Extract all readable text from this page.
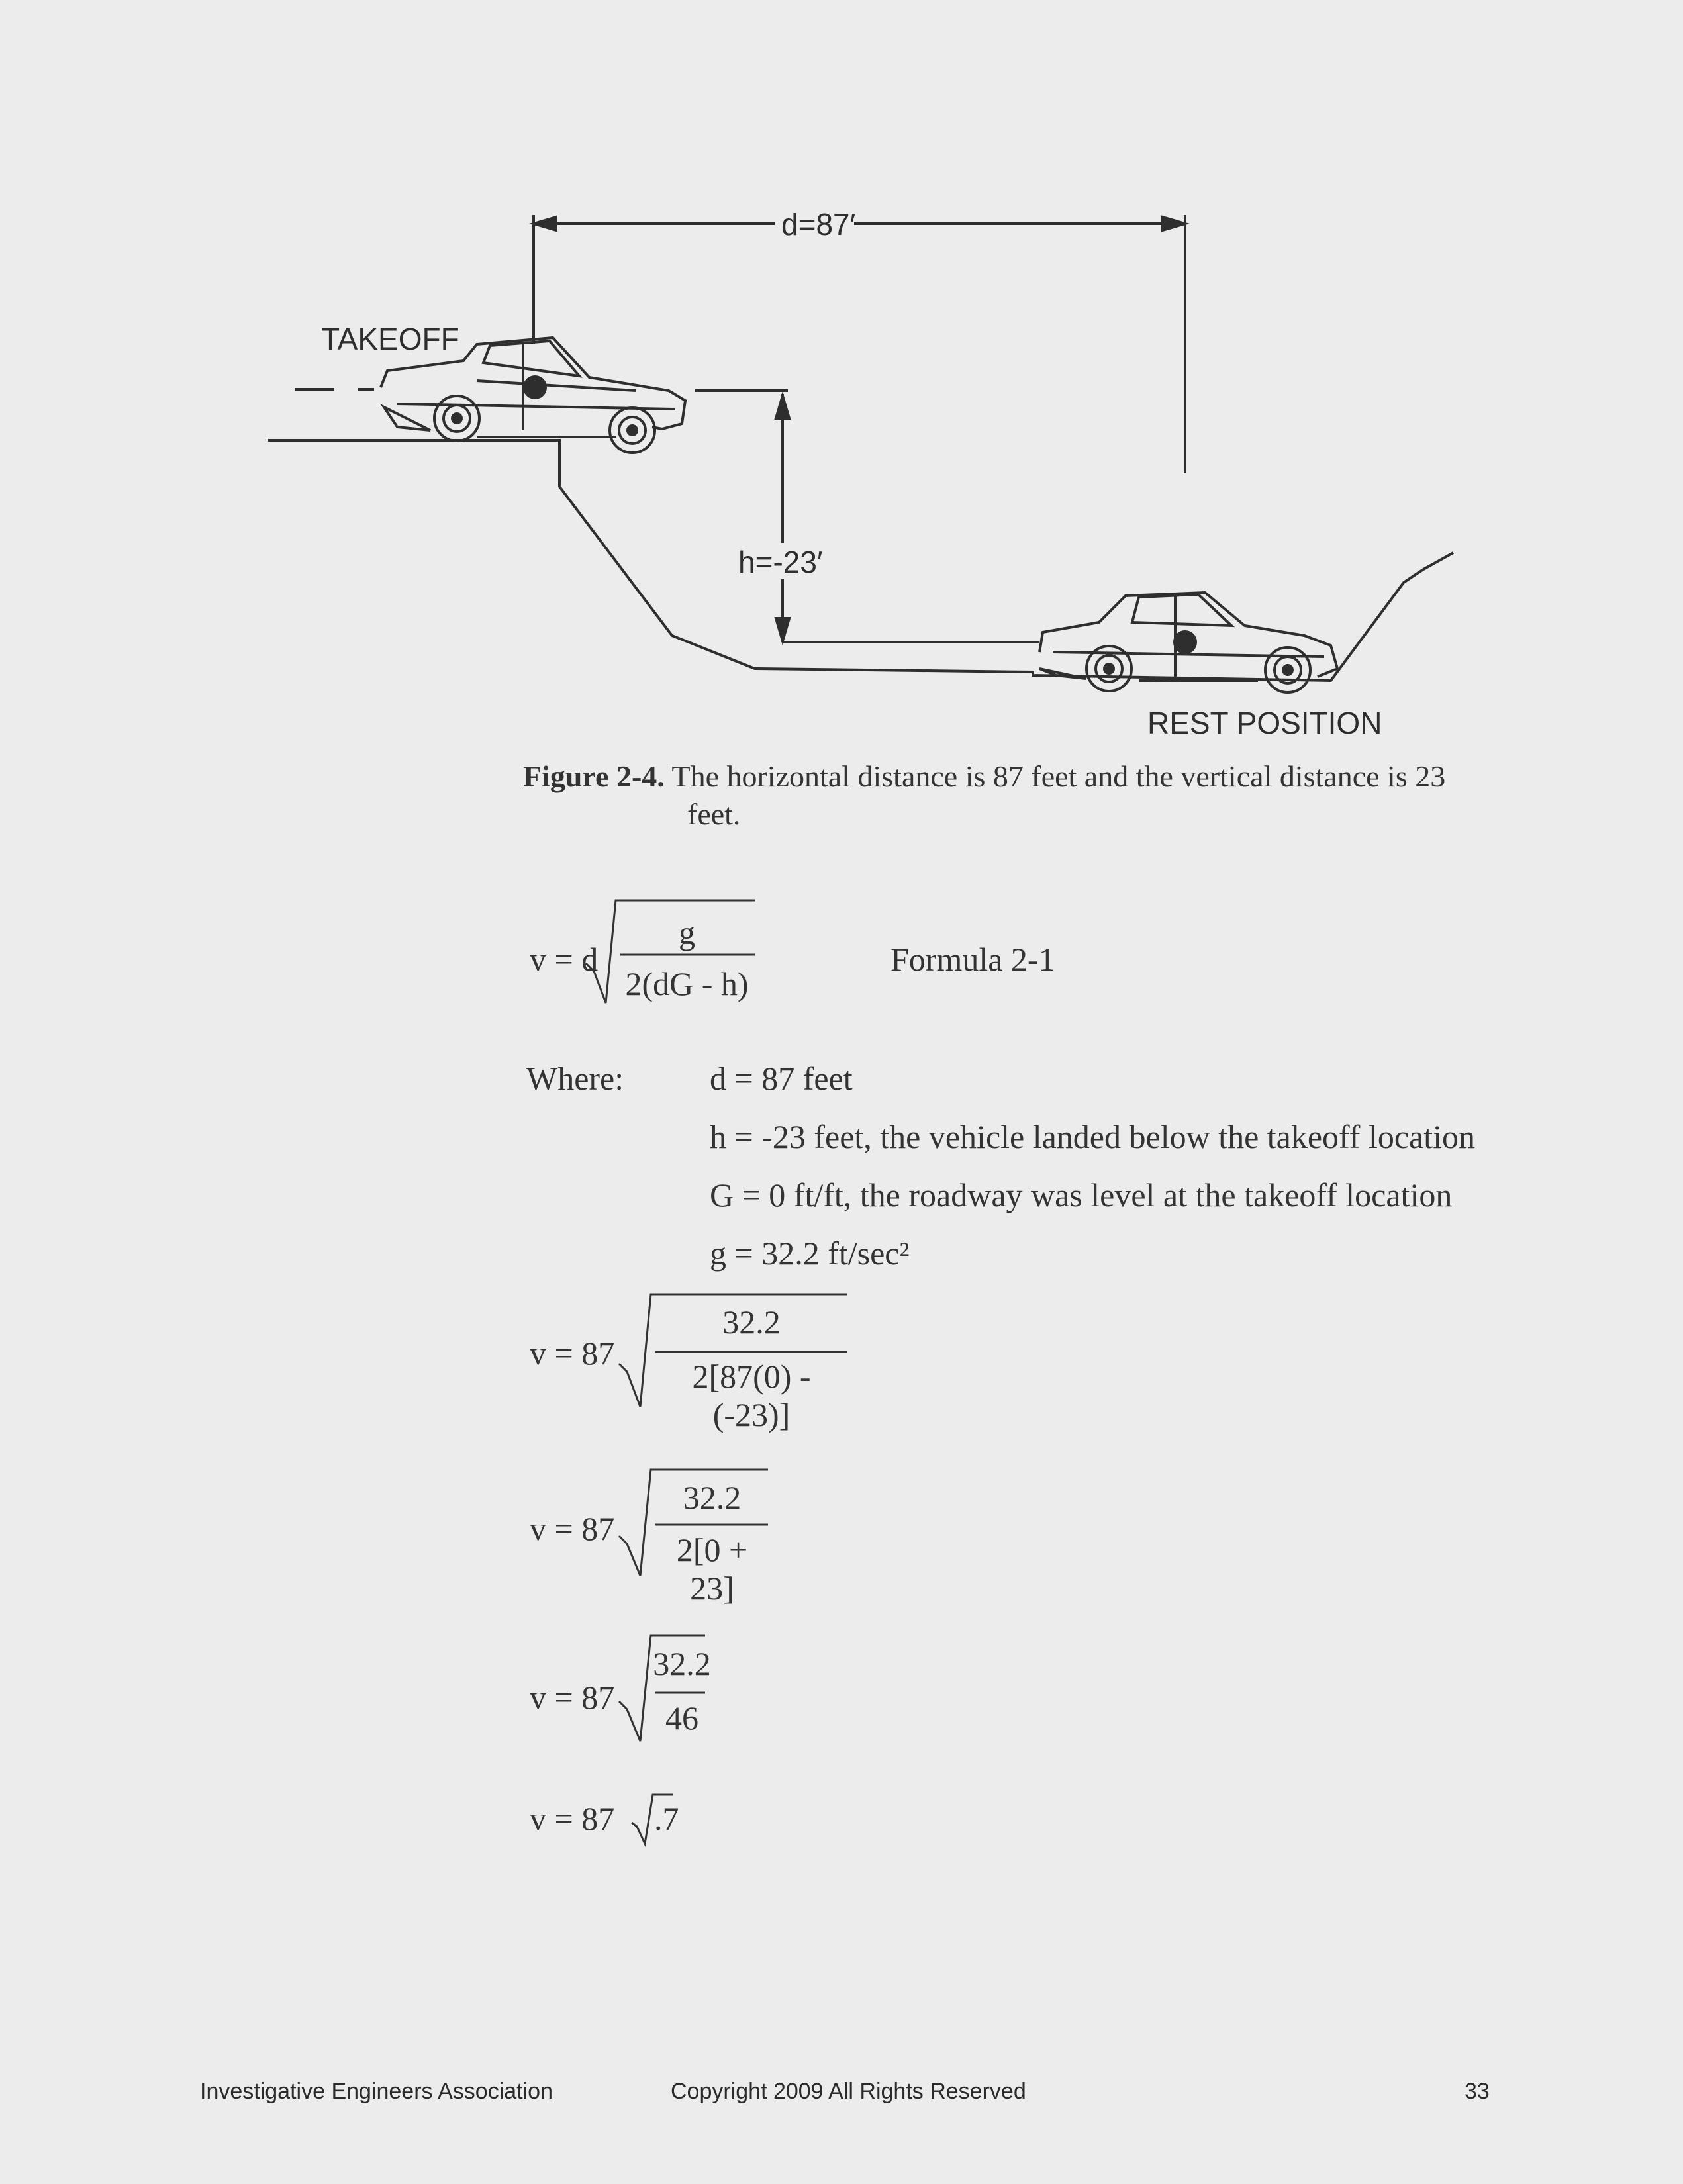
d=87′
h=-23′
TAKEOFF
REST POSITION
Figure 2-4. The horizontal distance is 87 feet and the vertical distance is 23
feet.
v = d
g
2(dG - h)
Formula 2-1
Where:	d = 87 feet
h = -23 feet, the vehicle landed below the takeoff location
G = 0 ft/ft, the roadway was level at the takeoff location
g = 32.2 ft/sec²
v = 87
32.2
2[87(0) - (-23)]
v = 87
32.2
2[0 + 23]
v = 87
32.2
46
v = 87 .7
Investigative Engineers Association	Copyright 2009 All Rights Reserved	33
